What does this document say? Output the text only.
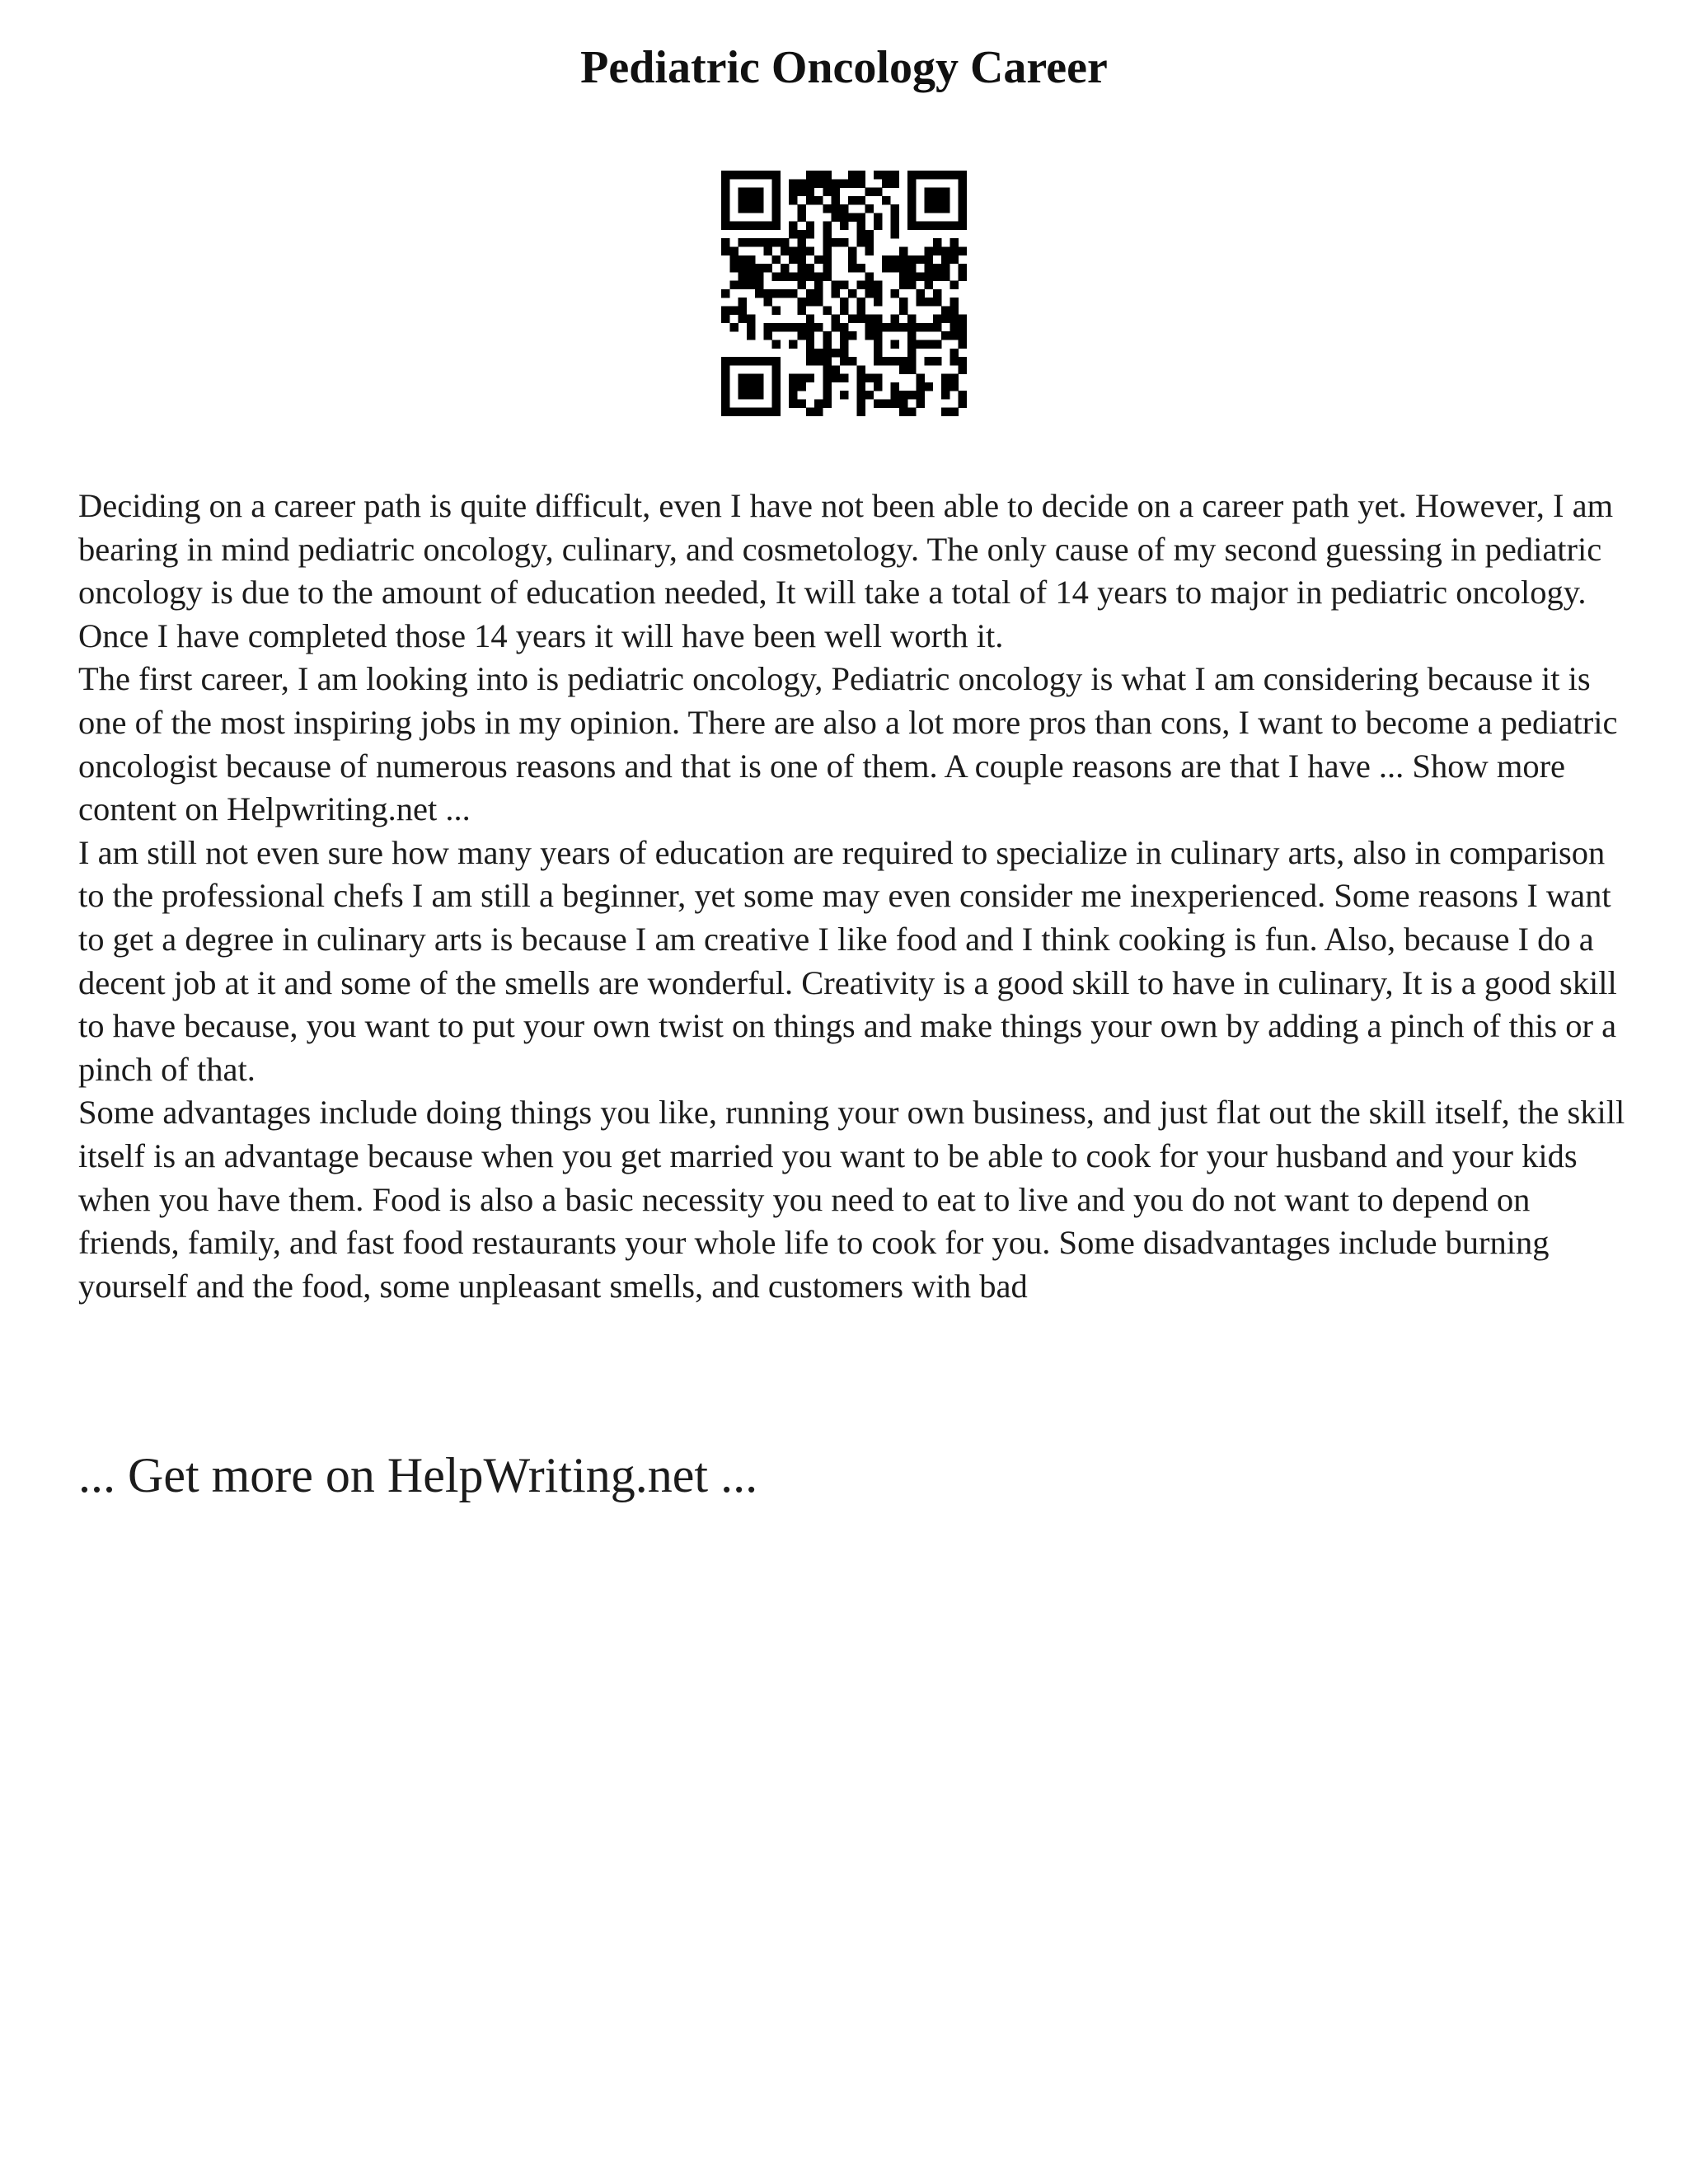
Pediatric Oncology Career

Deciding on a career path is quite difficult, even I have not been able to decide on a career path yet. However, I am bearing in mind pediatric oncology, culinary, and cosmetology. The only cause of my second guessing in pediatric oncology is due to the amount of education needed, It will take a total of 14 years to major in pediatric oncology. Once I have completed those 14 years it will have been well worth it.

The first career, I am looking into is pediatric oncology, Pediatric oncology is what I am considering because it is one of the most inspiring jobs in my opinion. There are also a lot more pros than cons, I want to become a pediatric oncologist because of numerous reasons and that is one of them. A couple reasons are that I have ... Show more content on Helpwriting.net ...

I am still not even sure how many years of education are required to specialize in culinary arts, also in comparison to the professional chefs I am still a beginner, yet some may even consider me inexperienced. Some reasons I want to get a degree in culinary arts is because I am creative I like food and I think cooking is fun. Also, because I do a decent job at it and some of the smells are wonderful. Creativity is a good skill to have in culinary, It is a good skill to have because, you want to put your own twist on things and make things your own by adding a pinch of this or a pinch of that.

Some advantages include doing things you like, running your own business, and just flat out the skill itself, the skill itself is an advantage because when you get married you want to be able to cook for your husband and your kids when you have them. Food is also a basic necessity you need to eat to live and you do not want to depend on friends, family, and fast food restaurants your whole life to cook for you. Some disadvantages include burning yourself and the food, some unpleasant smells, and customers with bad

... Get more on HelpWriting.net ...
